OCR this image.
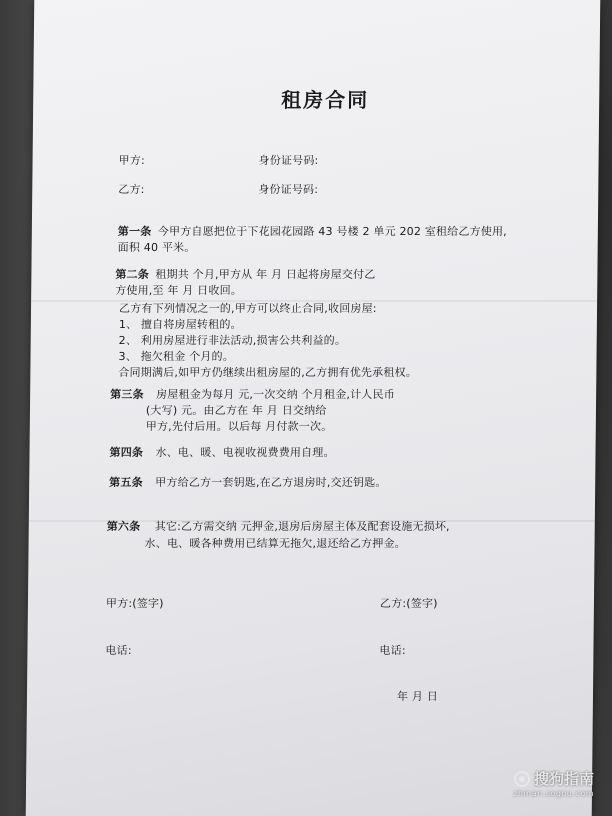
租房合同
甲方:	身份证号码:
乙方:	身份证号码:
第一条 今甲方自愿把位于下花园花园路 43 号楼 2 单元 202 室租给乙方使用,
面积 40 平米。
第二条 租期共 个月,甲方从 年 月 日起将房屋交付乙
方使用,至 年 月 日收回。
乙方有下列情况之一的,甲方可以终止合同,收回房屋:
1、 擅自将房屋转租的。
2、 利用房屋进行非法活动,损害公共利益的。
3、 拖欠租金 个月的。
合同期满后,如甲方仍继续出租房屋的,乙方拥有优先承租权。
第三条 房屋租金为每月 元,一次交纳 个月租金,计人民币
(大写) 元。由乙方在 年 月 日交纳给
甲方,先付后用。以后每 月付款一次。
第四条 水、电、暖、电视收视费费用自理。
第五条 甲方给乙方一套钥匙,在乙方退房时,交还钥匙。
第六条 其它:乙方需交纳 元押金,退房后房屋主体及配套设施无损坏,
水、电、暖各种费用已结算无拖欠,退还给乙方押金。
甲方:(签字)	乙方:(签字)
电话:	电话:
年 月 日
搜狗指南
zhinan.sogou.com
